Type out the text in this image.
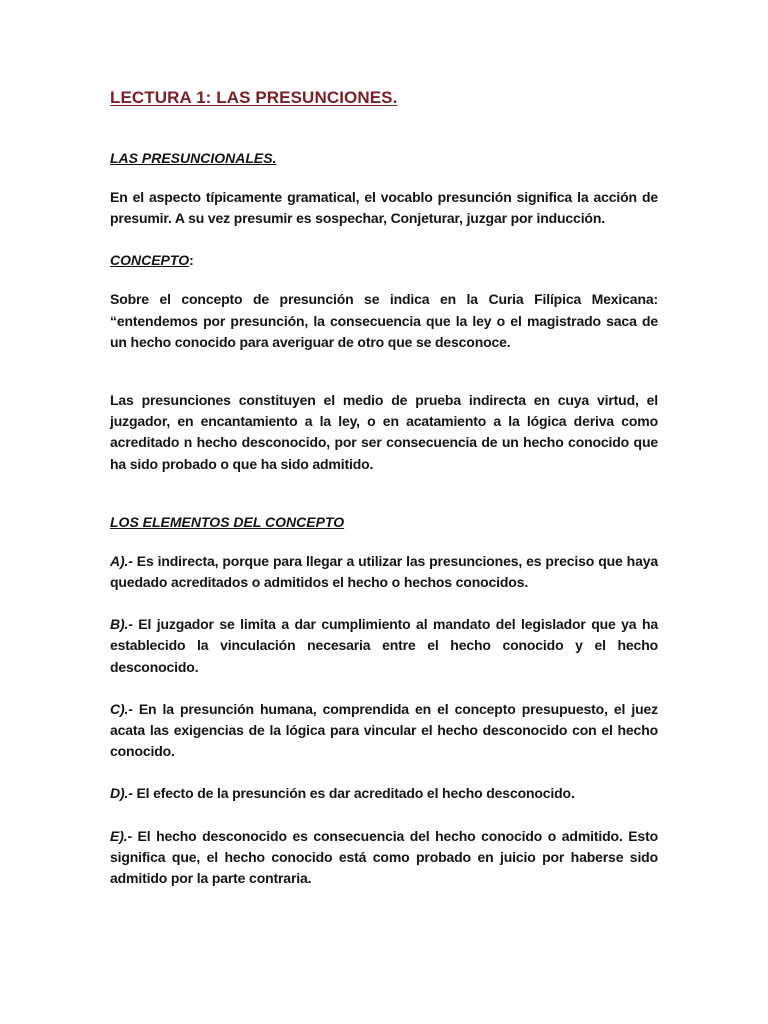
LECTURA 1: LAS PRESUNCIONES.
LAS PRESUNCIONALES.

En el aspecto típicamente gramatical, el vocablo presunción significa la acción de presumir. A su vez presumir es sospechar, Conjeturar, juzgar por inducción.

CONCEPTO:

Sobre el concepto de presunción se indica en la Curia Filípica Mexicana: “entendemos por presunción, la consecuencia que la ley o el magistrado saca de un hecho conocido para averiguar de otro que se desconoce.

Las presunciones constituyen el medio de prueba indirecta en cuya virtud, el juzgador, en encantamiento a la ley, o en acatamiento a la lógica deriva como acreditado n hecho desconocido, por ser consecuencia de un hecho conocido que ha sido probado o que ha sido admitido.

LOS ELEMENTOS DEL CONCEPTO

A).- Es indirecta, porque para llegar a utilizar las presunciones, es preciso que haya quedado acreditados o admitidos el hecho o hechos conocidos.

B).- El juzgador se limita a dar cumplimiento al mandato del legislador que ya ha establecido la vinculación necesaria entre el hecho conocido y el hecho desconocido.

C).- En la presunción humana, comprendida en el concepto presupuesto, el juez acata las exigencias de la lógica para vincular el hecho desconocido con el hecho conocido.

D).- El efecto de la presunción es dar acreditado el hecho desconocido.

E).- El hecho desconocido es consecuencia del hecho conocido o admitido. Esto significa que, el hecho conocido está como probado en juicio por haberse sido admitido por la parte contraria.
